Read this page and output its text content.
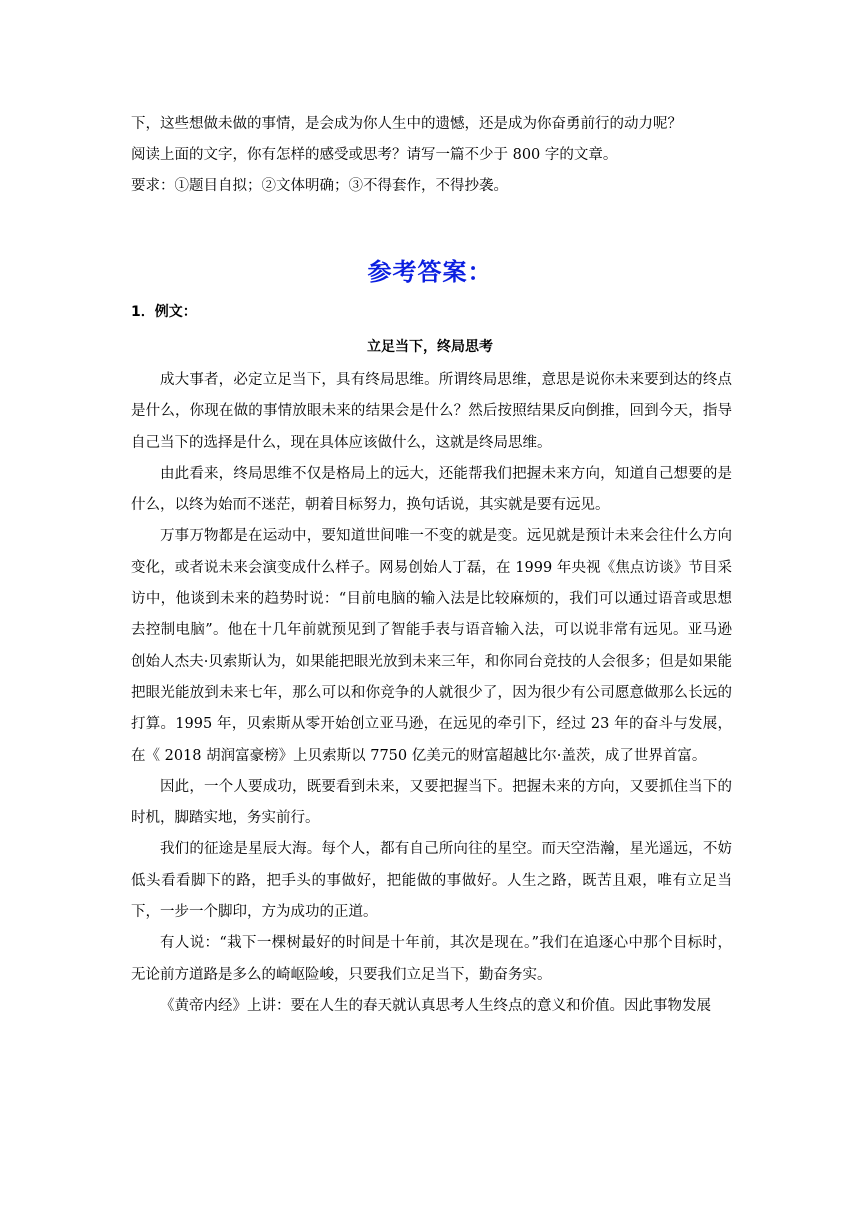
下，这些想做未做的事情，是会成为你人生中的遗憾，还是成为你奋勇前行的动力呢？

阅读上面的文字，你有怎样的感受或思考？请写一篇不少于 800 字的文章。

要求：①题目自拟；②文体明确；③不得套作，不得抄袭。

参考答案：
1．例文：
立足当下，终局思考

成大事者，必定立足当下，具有终局思维。所谓终局思维，意思是说你未来要到达的终点是什么，你现在做的事情放眼未来的结果会是什么？然后按照结果反向倒推，回到今天，指导自己当下的选择是什么，现在具体应该做什么，这就是终局思维。

由此看来，终局思维不仅是格局上的远大，还能帮我们把握未来方向，知道自己想要的是什么，以终为始而不迷茫，朝着目标努力，换句话说，其实就是要有远见。

万事万物都是在运动中，要知道世间唯一不变的就是变。远见就是预计未来会往什么方向变化，或者说未来会演变成什么样子。网易创始人丁磊，在 1999 年央视《焦点访谈》节目采访中，他谈到未来的趋势时说：“目前电脑的输入法是比较麻烦的，我们可以通过语音或思想去控制电脑”。他在十几年前就预见到了智能手表与语音输入法，可以说非常有远见。亚马逊创始人杰夫·贝索斯认为，如果能把眼光放到未来三年，和你同台竞技的人会很多；但是如果能把眼光能放到未来七年，那么可以和你竞争的人就很少了，因为很少有公司愿意做那么长远的打算。1995 年，贝索斯从零开始创立亚马逊，在远见的牵引下，经过 23 年的奋斗与发展，在《 2018 胡润富豪榜》上贝索斯以 7750 亿美元的财富超越比尔·盖茨，成了世界首富。

因此，一个人要成功，既要看到未来，又要把握当下。把握未来的方向，又要抓住当下的时机，脚踏实地，务实前行。

我们的征途是星辰大海。每个人，都有自己所向往的星空。而天空浩瀚，星光遥远，不妨低头看看脚下的路，把手头的事做好，把能做的事做好。人生之路，既苦且艰，唯有立足当下，一步一个脚印，方为成功的正道。

有人说：“栽下一棵树最好的时间是十年前，其次是现在。”我们在追逐心中那个目标时，无论前方道路是多么的崎岖险峻，只要我们立足当下，勤奋务实。

《黄帝内经》上讲：要在人生的春天就认真思考人生终点的意义和价值。因此事物发展
